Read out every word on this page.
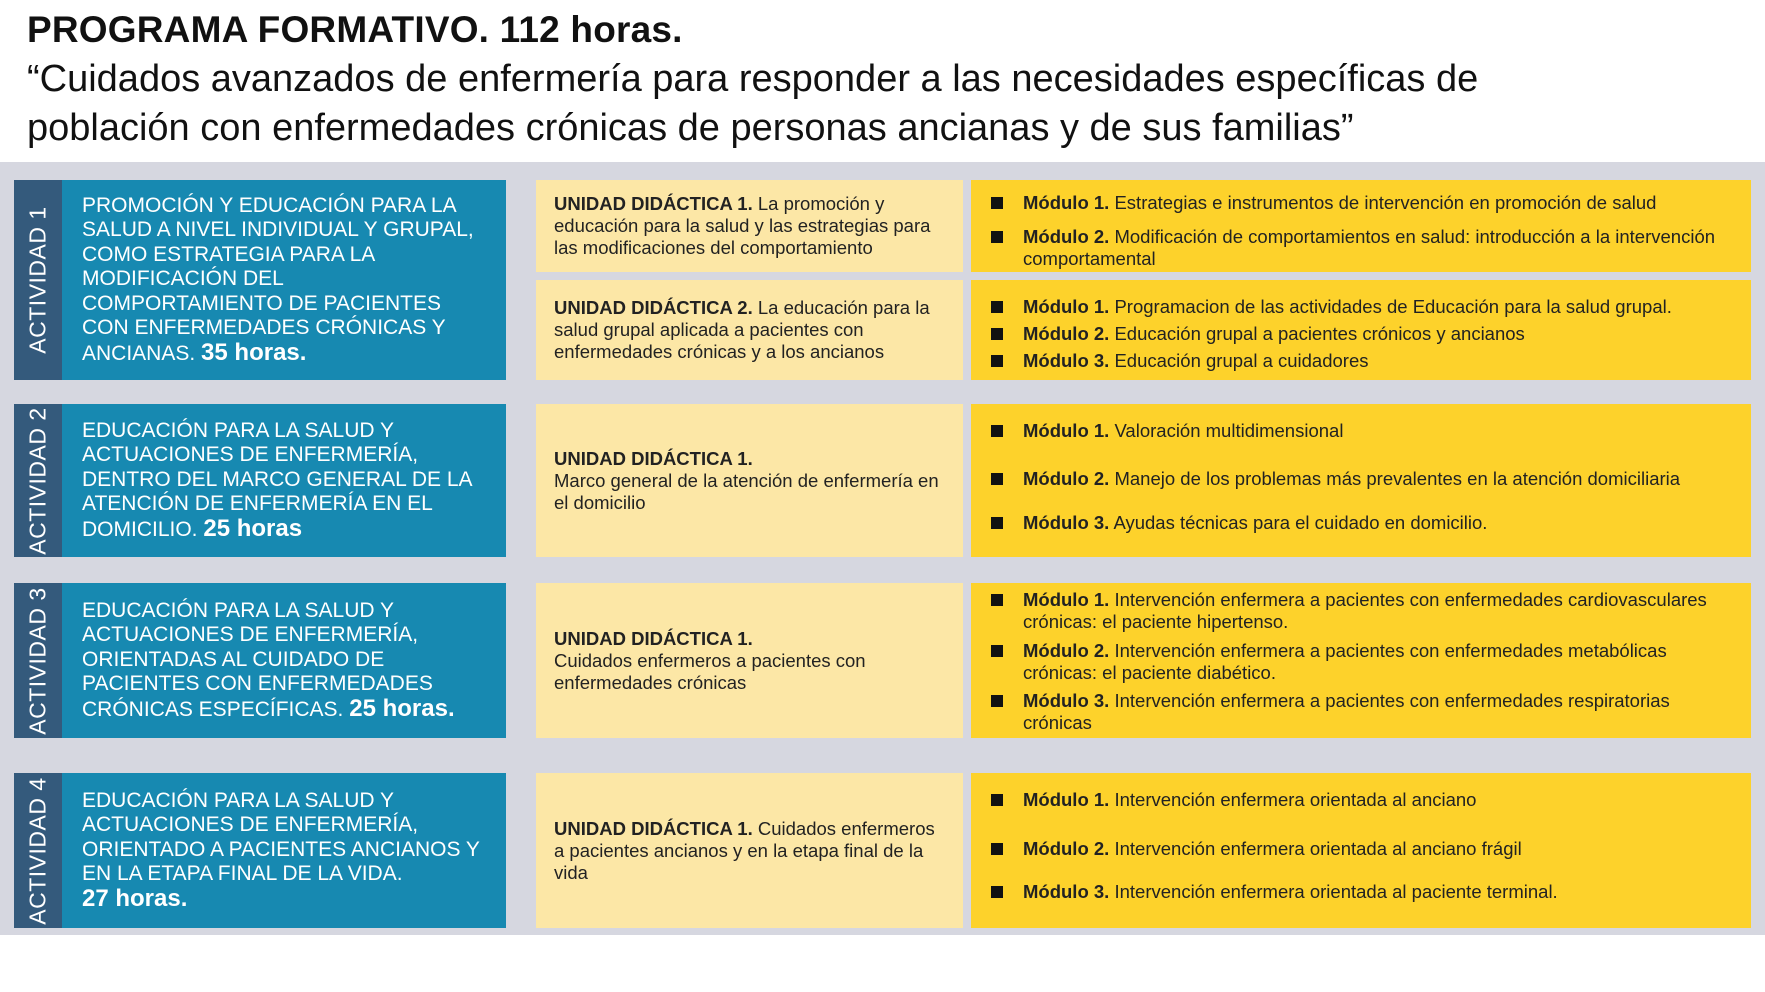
PROGRAMA FORMATIVO. 112 horas.
“Cuidados avanzados de enfermería para responder a las necesidades específicas de
población con enfermedades crónicas de personas ancianas y de sus familias”
ACTIVIDAD 1
PROMOCIÓN Y EDUCACIÓN PARA LA SALUD A NIVEL INDIVIDUAL Y GRUPAL, COMO ESTRATEGIA PARA LA MODIFICACIÓN DEL COMPORTAMIENTO DE PACIENTES CON ENFERMEDADES CRÓNICAS Y ANCIANAS. 35 horas.
UNIDAD DIDÁCTICA 1. La promoción y educación para la salud y las estrategias para las modificaciones del comportamiento
UNIDAD DIDÁCTICA 2. La educación para la salud grupal aplicada a pacientes con enfermedades crónicas y a los ancianos
Módulo 1. Estrategias e instrumentos de intervención en promoción de salud
Módulo 2. Modificación de comportamientos en salud: introducción a la intervención comportamental
Módulo 1. Programacion de las actividades de Educación para la salud grupal.
Módulo 2. Educación grupal a pacientes crónicos y ancianos
Módulo 3. Educación grupal a cuidadores
ACTIVIDAD 2 EDUCACIÓN PARA LA SALUD Y ACTUACIONES DE ENFERMERÍA, DENTRO DEL MARCO GENERAL DE LA ATENCIÓN DE ENFERMERÍA EN EL DOMICILIO. 25 horas
UNIDAD DIDÁCTICA 1.
Marco general de la atención de enfermería en el domicilio
Módulo 1. Valoración multidimensional
Módulo 2. Manejo de los problemas más prevalentes en la atención domiciliaria
Módulo 3. Ayudas técnicas para el cuidado en domicilio.
ACTIVIDAD 3 EDUCACIÓN PARA LA SALUD Y ACTUACIONES DE ENFERMERÍA, ORIENTADAS AL CUIDADO DE PACIENTES CON ENFERMEDADES CRÓNICAS ESPECÍFICAS. 25 horas.
UNIDAD DIDÁCTICA 1.
Cuidados enfermeros a pacientes con enfermedades crónicas
Módulo 1. Intervención enfermera a pacientes con enfermedades cardiovasculares crónicas: el paciente hipertenso.
Módulo 2. Intervención enfermera a pacientes con enfermedades metabólicas crónicas: el paciente diabético.
Módulo 3. Intervención enfermera a pacientes con enfermedades respiratorias crónicas
ACTIVIDAD 4 EDUCACIÓN PARA LA SALUD Y ACTUACIONES DE ENFERMERÍA, ORIENTADO A PACIENTES ANCIANOS Y EN LA ETAPA FINAL DE LA VIDA.
27 horas.
UNIDAD DIDÁCTICA 1. Cuidados enfermeros a pacientes ancianos y en la etapa final de la vida
Módulo 1. Intervención enfermera orientada al anciano
Módulo 2. Intervención enfermera orientada al anciano frágil
Módulo 3. Intervención enfermera orientada al paciente terminal.
